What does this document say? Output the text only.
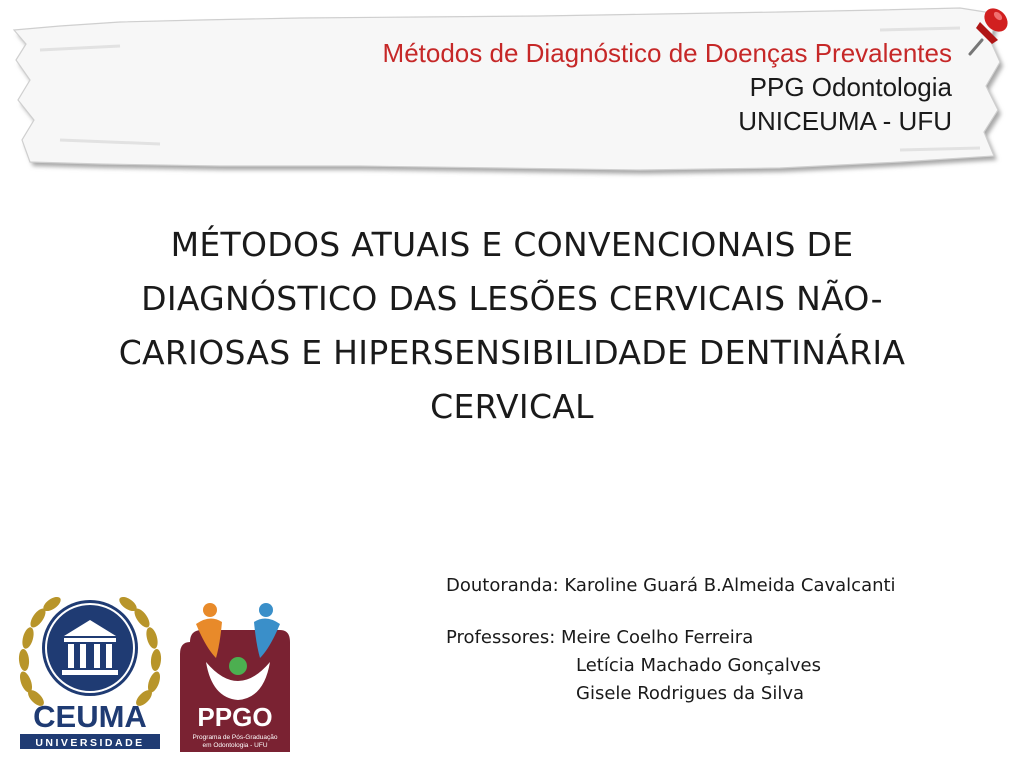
Métodos de Diagnóstico de Doenças Prevalentes
PPG Odontologia
UNICEUMA - UFU
MÉTODOS ATUAIS E CONVENCIONAIS DE
DIAGNÓSTICO DAS LESÕES CERVICAIS NÃO-
CARIOSAS E HIPERSENSIBILIDADE DENTINÁRIA
CERVICAL
Doutoranda: Karoline Guará B.Almeida Cavalcanti
Professores: Meire Coelho Ferreira
Letícia Machado Gonçalves
Gisele Rodrigues da Silva
CEUMA
UNIVERSIDADE
PPGO
Programa de Pós-Graduação
em Odontologia - UFU
